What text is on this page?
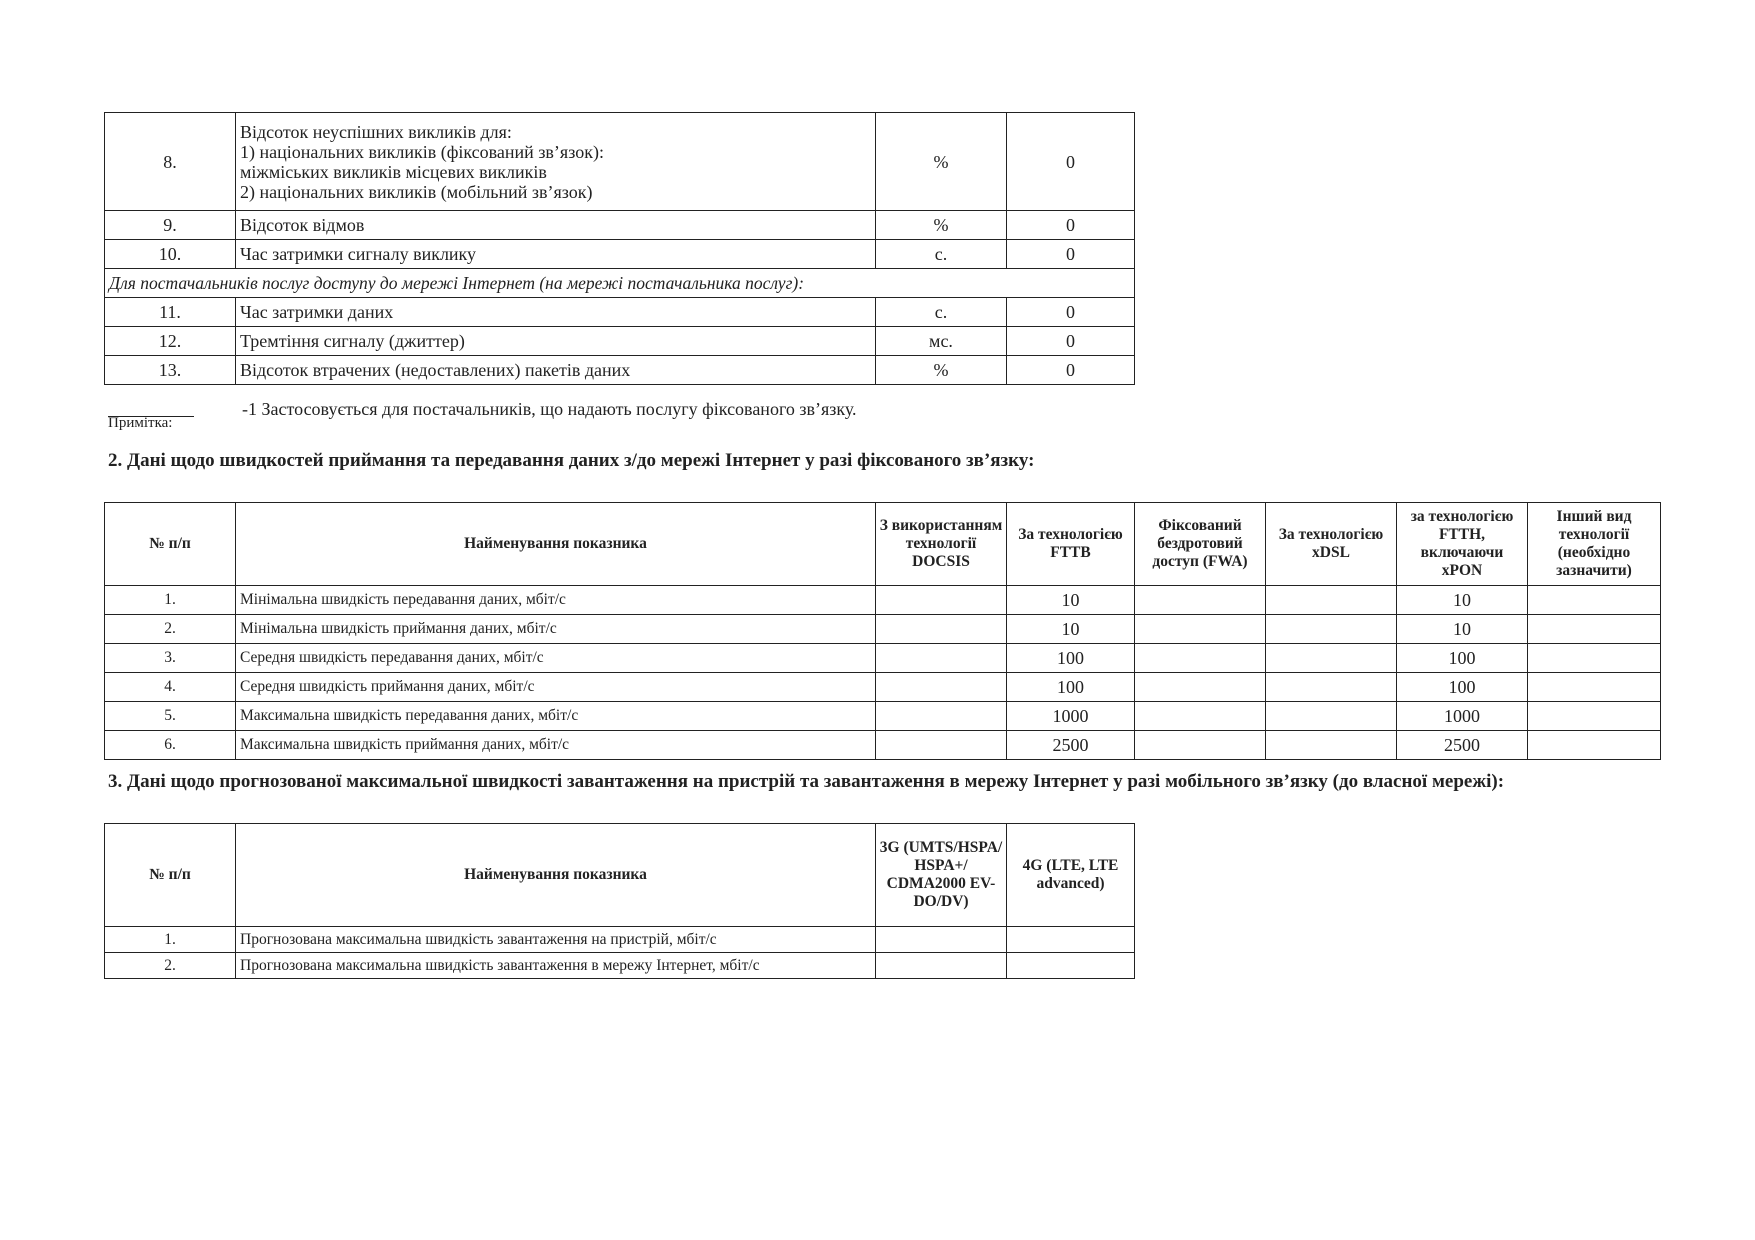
8.	Відсоток неуспішних викликів для:
1) національних викликів (фіксований зв’язок):
міжміських викликів місцевих викликів
2) національних викликів (мобільний зв’язок)	%	0
9.	Відсоток відмов	%	0
10.	Час затримки сигналу виклику	с.	0
Для постачальників послуг доступу до мережі Інтернет (на мережі постачальника послуг):			
11.	Час затримки даних	с.	0
12.	Тремтіння сигналу (джиттер)	мс.	0
13.	Відсоток втрачених (недоставлених) пакетів даних	%	0
Примітка:
-1 Застосовується для постачальників, що надають послугу фіксованого зв’язку.
2. Дані щодо швидкостей приймання та передавання даних з/до мережі Інтернет у разі фіксованого зв’язку:
№ п/п	Найменування показника	З використанням технології DOCSIS	За технологією FTTB	Фіксований бездротовий доступ (FWA)	За технологією xDSL	за технологією FTTH, включаючи xPON	Інший вид технології (необхідно зазначити)
1.	Мінімальна швидкість передавання даних, мбіт/с		10			10	
2.	Мінімальна швидкість приймання даних, мбіт/с		10			10	
3.	Середня швидкість передавання даних, мбіт/с		100			100	
4.	Середня швидкість приймання даних, мбіт/с		100			100	
5.	Максимальна швидкість передавання даних, мбіт/с		1000			1000	
6.	Максимальна швидкість приймання даних, мбіт/с		2500			2500	
3. Дані щодо прогнозованої максимальної швидкості завантаження на пристрій та завантаження в мережу Інтернет у разі мобільного зв’язку (до власної мережі):
№ п/п	Найменування показника	3G (UMTS/HSPA/ HSPA+/ CDMA2000 EV-DO/DV)	4G (LTE, LTE advanced)
1.	Прогнозована максимальна швидкість завантаження на пристрій, мбіт/с		
2.	Прогнозована максимальна швидкість завантаження в мережу Інтернет, мбіт/с		
